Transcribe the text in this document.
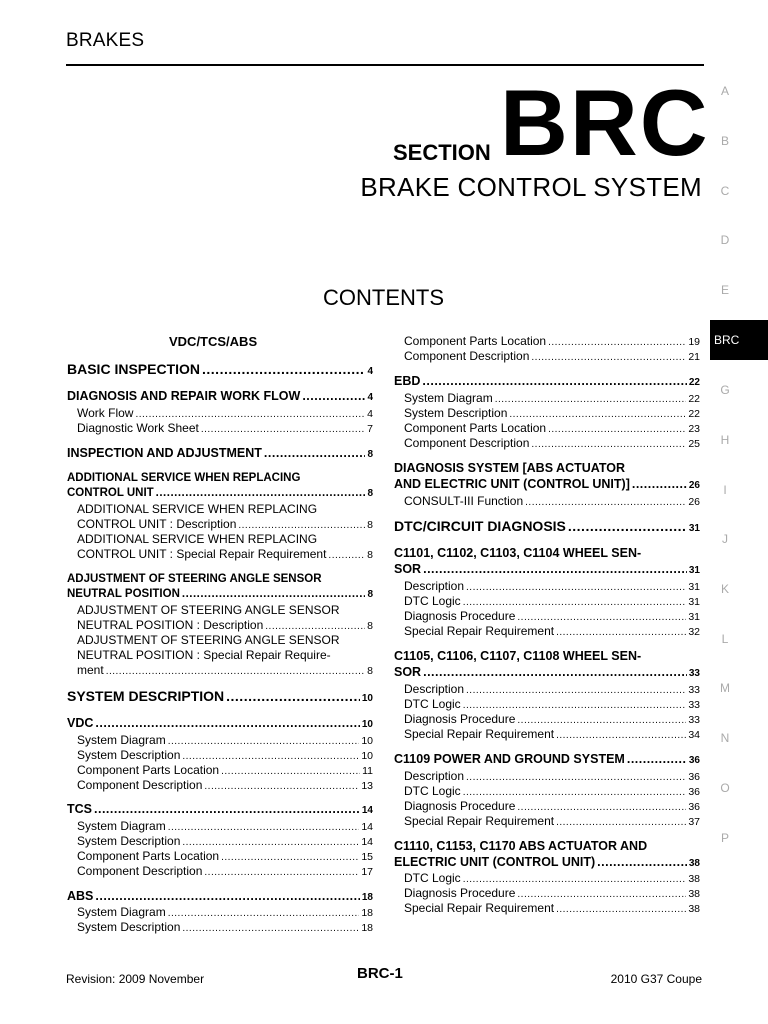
BRAKES
SECTION BRC
BRAKE CONTROL SYSTEM
CONTENTS
A
B
C
D
E
BRC
G
H
I
J
K
L
M
N
O
P
VDC/TCS/ABS
BASIC INSPECTION .....	4
DIAGNOSIS AND REPAIR WORK FLOW .....	4
Work Flow .....	4
Diagnostic Work Sheet .....	7
INSPECTION AND ADJUSTMENT .....	8
ADDITIONAL SERVICE WHEN REPLACING
CONTROL UNIT .....	8
ADDITIONAL SERVICE WHEN REPLACING
CONTROL UNIT : Description .....	8
ADDITIONAL SERVICE WHEN REPLACING
CONTROL UNIT : Special Repair Requirement .....	8
ADJUSTMENT OF STEERING ANGLE SENSOR
NEUTRAL POSITION .....	8
ADJUSTMENT OF STEERING ANGLE SENSOR
NEUTRAL POSITION : Description .....	8
ADJUSTMENT OF STEERING ANGLE SENSOR
NEUTRAL POSITION : Special Repair Require-
ment .....	8
SYSTEM DESCRIPTION .....	10
VDC .....	10
System Diagram .....	10
System Description .....	10
Component Parts Location .....	11
Component Description .....	13
TCS .....	14
System Diagram .....	14
System Description .....	14
Component Parts Location .....	15
Component Description .....	17
ABS .....	18
System Diagram .....	18
System Description .....	18
Component Parts Location .....	19
Component Description .....	21
EBD .....	22
System Diagram .....	22
System Description .....	22
Component Parts Location .....	23
Component Description .....	25
DIAGNOSIS SYSTEM [ABS ACTUATOR
AND ELECTRIC UNIT (CONTROL UNIT)] .....	26
CONSULT-III Function .....	26
DTC/CIRCUIT DIAGNOSIS .....	31
C1101, C1102, C1103, C1104 WHEEL SEN-
SOR .....	31
Description .....	31
DTC Logic .....	31
Diagnosis Procedure .....	31
Special Repair Requirement .....	32
C1105, C1106, C1107, C1108 WHEEL SEN-
SOR .....	33
Description .....	33
DTC Logic .....	33
Diagnosis Procedure .....	33
Special Repair Requirement .....	34
C1109 POWER AND GROUND SYSTEM .....	36
Description .....	36
DTC Logic .....	36
Diagnosis Procedure .....	36
Special Repair Requirement .....	37
C1110, C1153, C1170 ABS ACTUATOR AND
ELECTRIC UNIT (CONTROL UNIT) .....	38
DTC Logic .....	38
Diagnosis Procedure .....	38
Special Repair Requirement .....	38
Revision: 2009 November	BRC-1	2010 G37 Coupe
